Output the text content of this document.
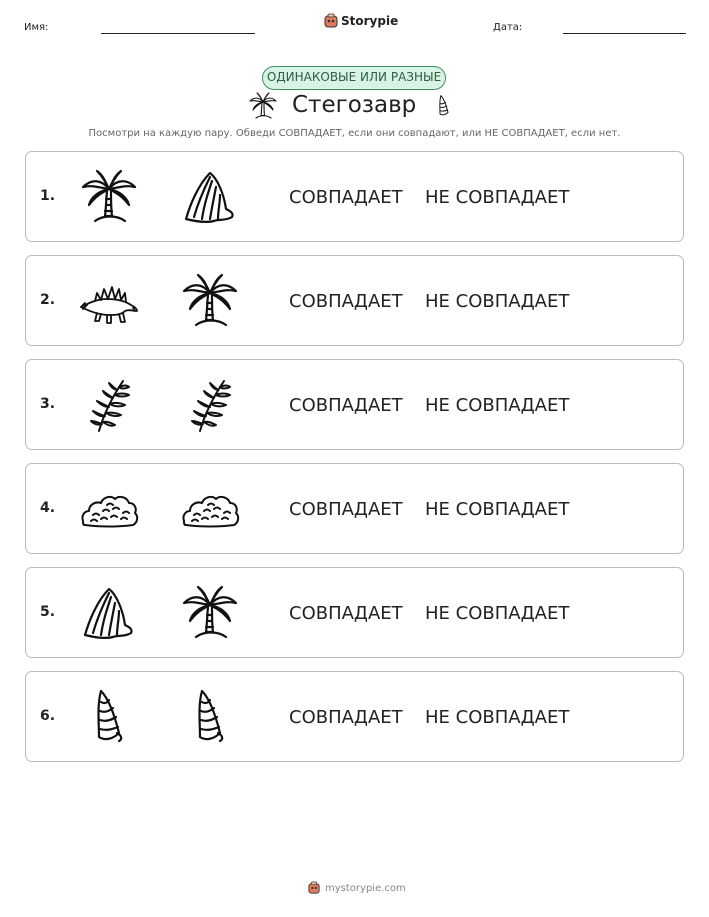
Имя:	Storypie	Дата:
ОДИНАКОВЫЕ ИЛИ РАЗНЫЕ
Стегозавр
Посмотри на каждую пару. Обведи СОВПАДАЕТ, если они совпадают, или НЕ СОВПАДАЕТ, если нет.
1.	СОВПАДАЕТ НЕ СОВПАДАЕТ
2.	СОВПАДАЕТ НЕ СОВПАДАЕТ
3.	СОВПАДАЕТ НЕ СОВПАДАЕТ
4.	СОВПАДАЕТ НЕ СОВПАДАЕТ
5.	СОВПАДАЕТ НЕ СОВПАДАЕТ
6.	СОВПАДАЕТ НЕ СОВПАДАЕТ
mystorypie.com
